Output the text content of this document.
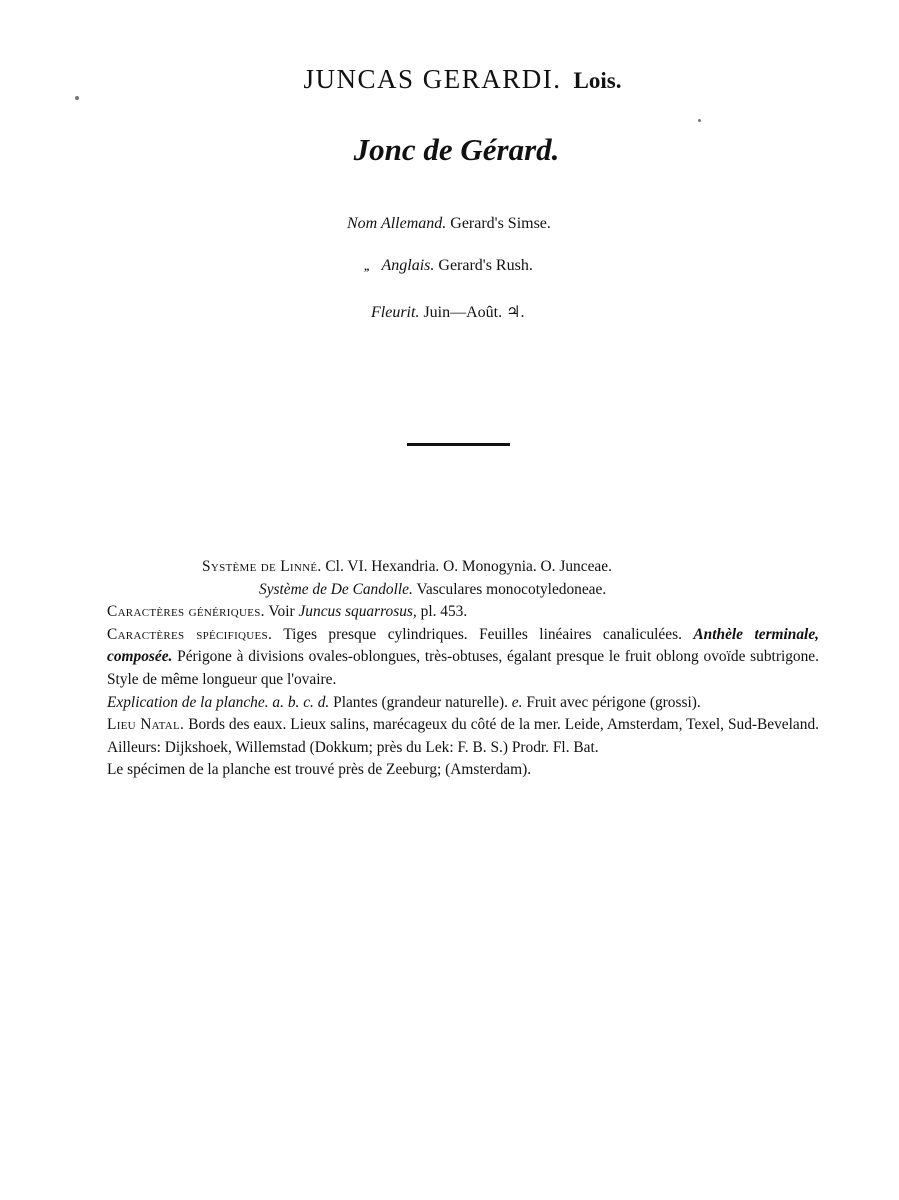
JUNCAS GERARDI. Lois.
Jonc de Gérard.
Nom Allemand. Gerard's Simse.
„ Anglais. Gerard's Rush.
Fleurit. Juin—Août. ♃.

Système de Linné. Cl. VI. Hexandria. O. Monogynia. O. Junceae.

Système de De Candolle. Vasculares monocotyledoneae.

Caractères génériques. Voir Juncus squarrosus, pl. 453.

Caractères spécifiques. Tiges presque cylindriques. Feuilles linéaires canaliculées. Anthèle terminale, composée. Périgone à divisions ovales-oblongues, très-obtuses, égalant presque le fruit oblong ovoïde subtrigone. Style de même longueur que l'ovaire.

Explication de la planche. a. b. c. d. Plantes (grandeur naturelle). e. Fruit avec périgone (grossi).

Lieu Natal. Bords des eaux. Lieux salins, marécageux du côté de la mer. Leide, Amsterdam, Texel, Sud-Beveland. Ailleurs: Dijkshoek, Willemstad (Dokkum; près du Lek: F. B. S.) Prodr. Fl. Bat.

Le spécimen de la planche est trouvé près de Zeeburg; (Amsterdam).
